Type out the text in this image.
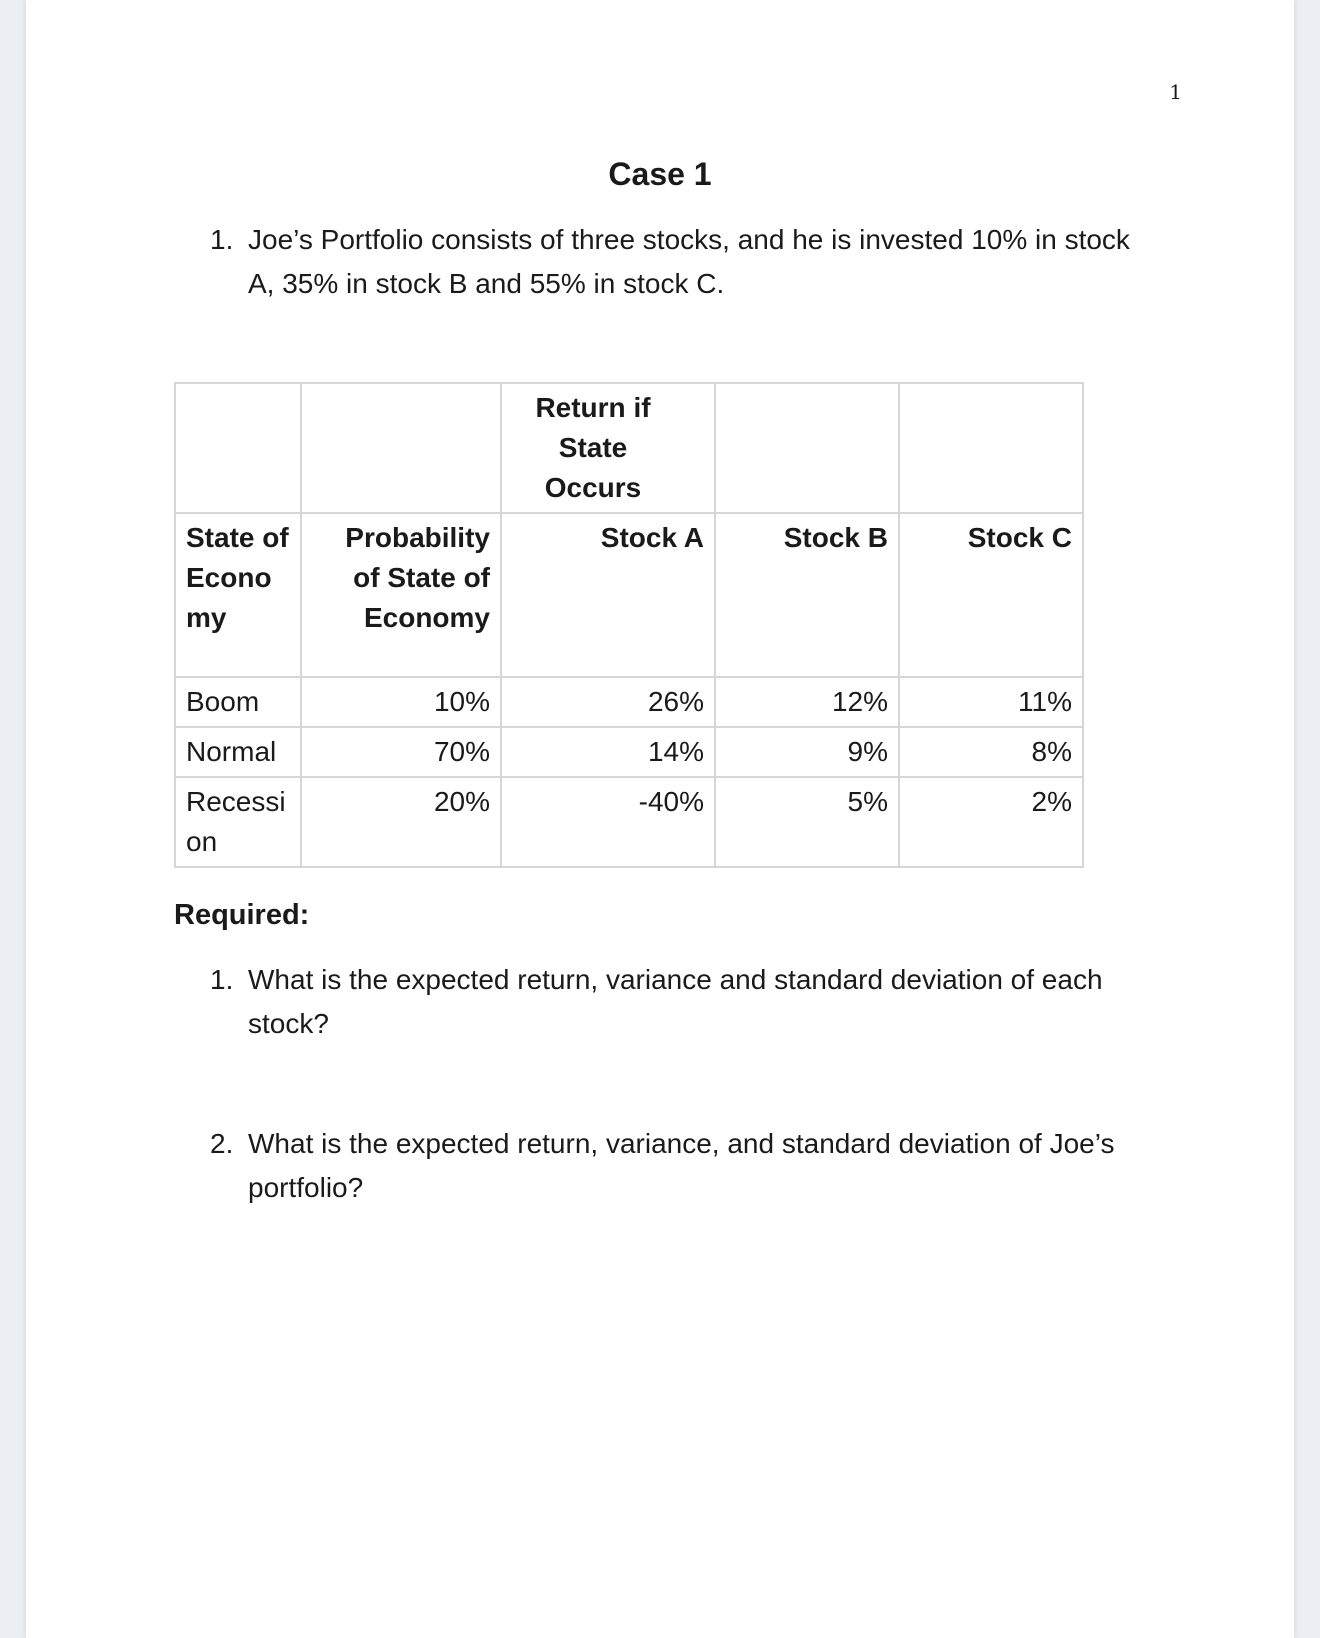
1
Case 1
1. Joe’s Portfolio consists of three stocks, and he is invested 10% in stock A, 35% in stock B and 55% in stock C.
		Return if State Occurs		
State of Econo my	Probability of State of Economy	Stock A	Stock B	Stock C
Boom	10%	26%	12%	11%
Normal	70%	14%	9%	8%
Recessi on	20%	-40%	5%	2%
Required:
1. What is the expected return, variance and standard deviation of each stock?
2. What is the expected return, variance, and standard deviation of Joe’s portfolio?
